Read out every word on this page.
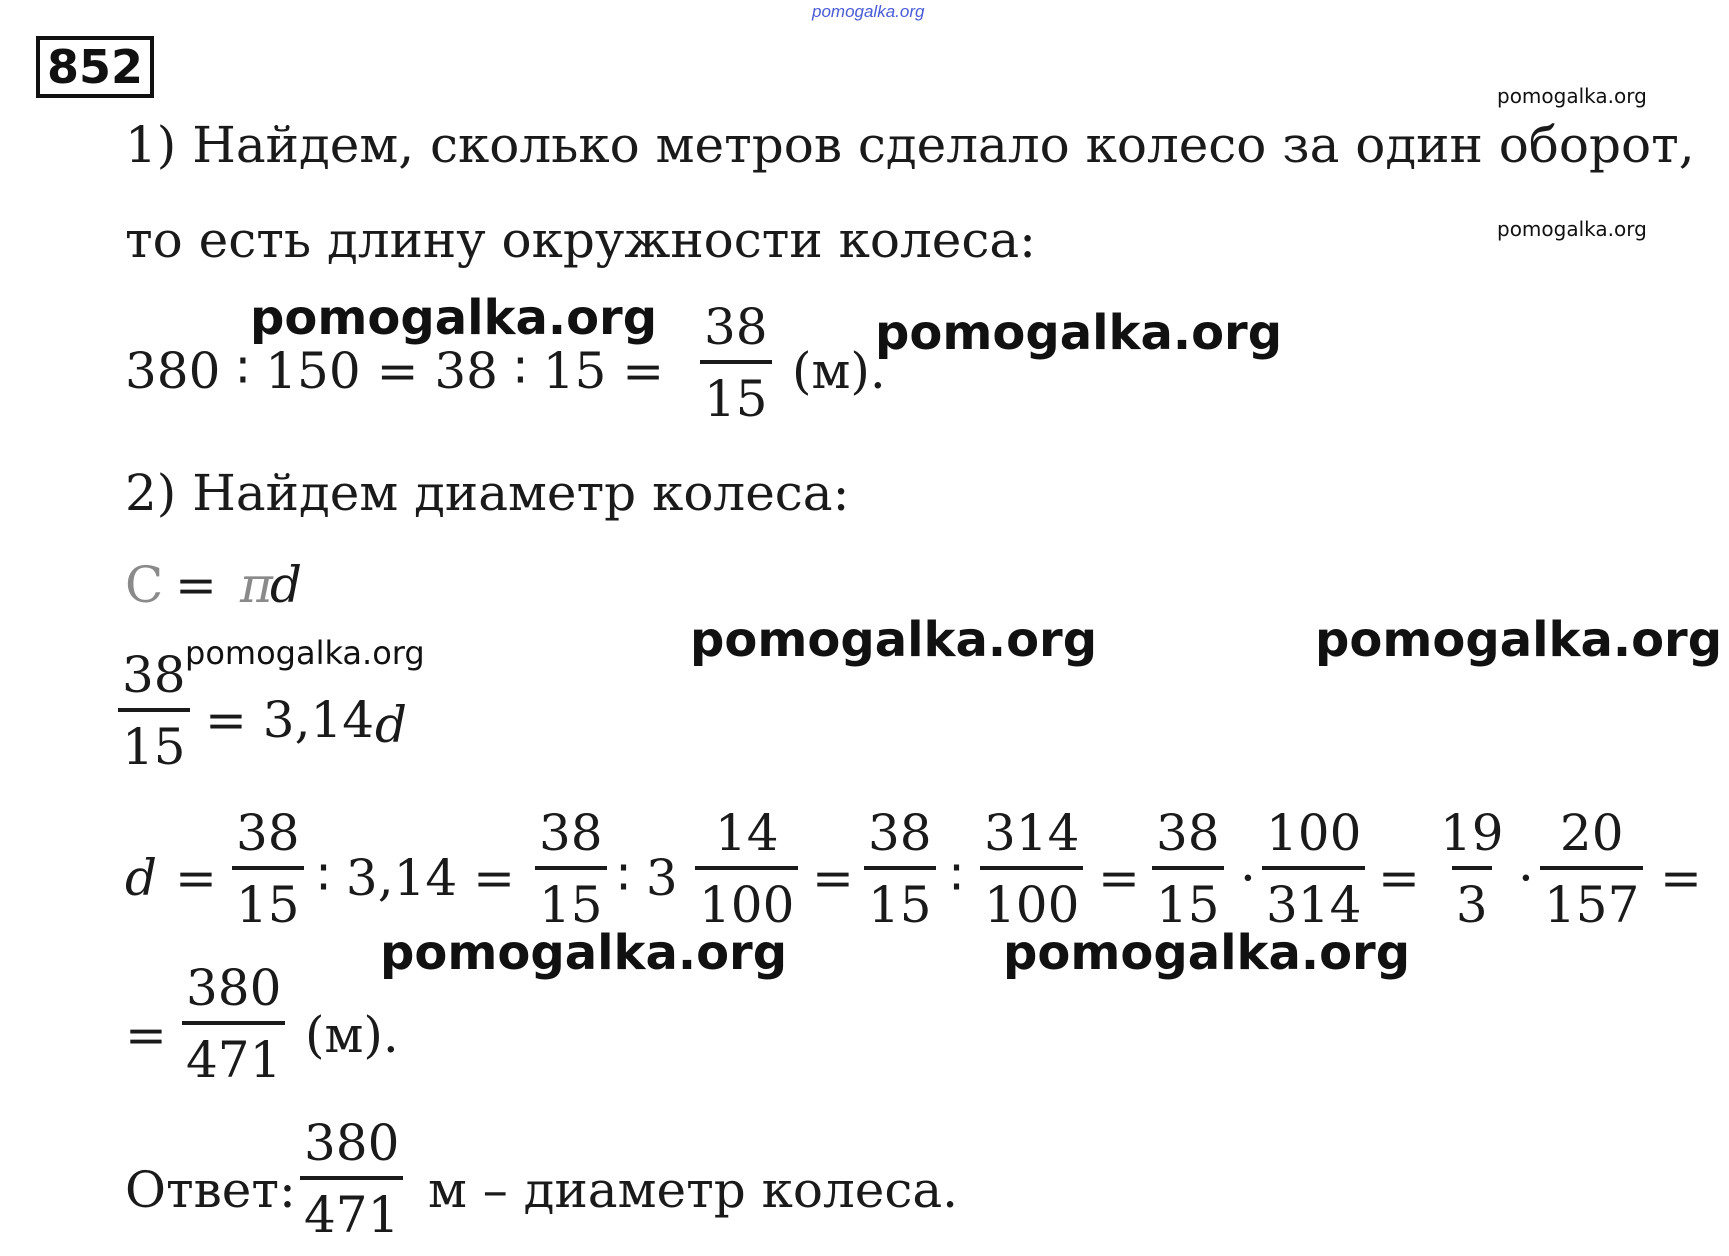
pomogalka.org
852
pomogalka.org
pomogalka.org
1) Найдем, сколько метров сделало колесо за один оборот,
то есть длину окружности колеса:
pomogalka.org
380 ∶ 150 = 38 ∶ $15 = \frac{38}{15} (м)$.
pomogalka.org
2) Найдем диаметр колеса:
C = π
d
pomogalka.org	pomogalka.org	pomogalka.org
$\frac{38}{15} = 3,14$ d
$d = \frac{38}{15}$ ∶ $3,14 = \frac{38}{15}$ ∶ $3 \frac{14}{100} = \frac{38}{15}$ ∶ $\frac{314}{100} = \frac{38}{15} \cdot \frac{100}{314} = \frac{19}{3} \cdot \frac{20}{157}$ =
pomogalka.org	pomogalka.org
= $\frac{380}{471} (м)$.
Ответ: $\frac{380}{471}$ м – диаметр колеса.
